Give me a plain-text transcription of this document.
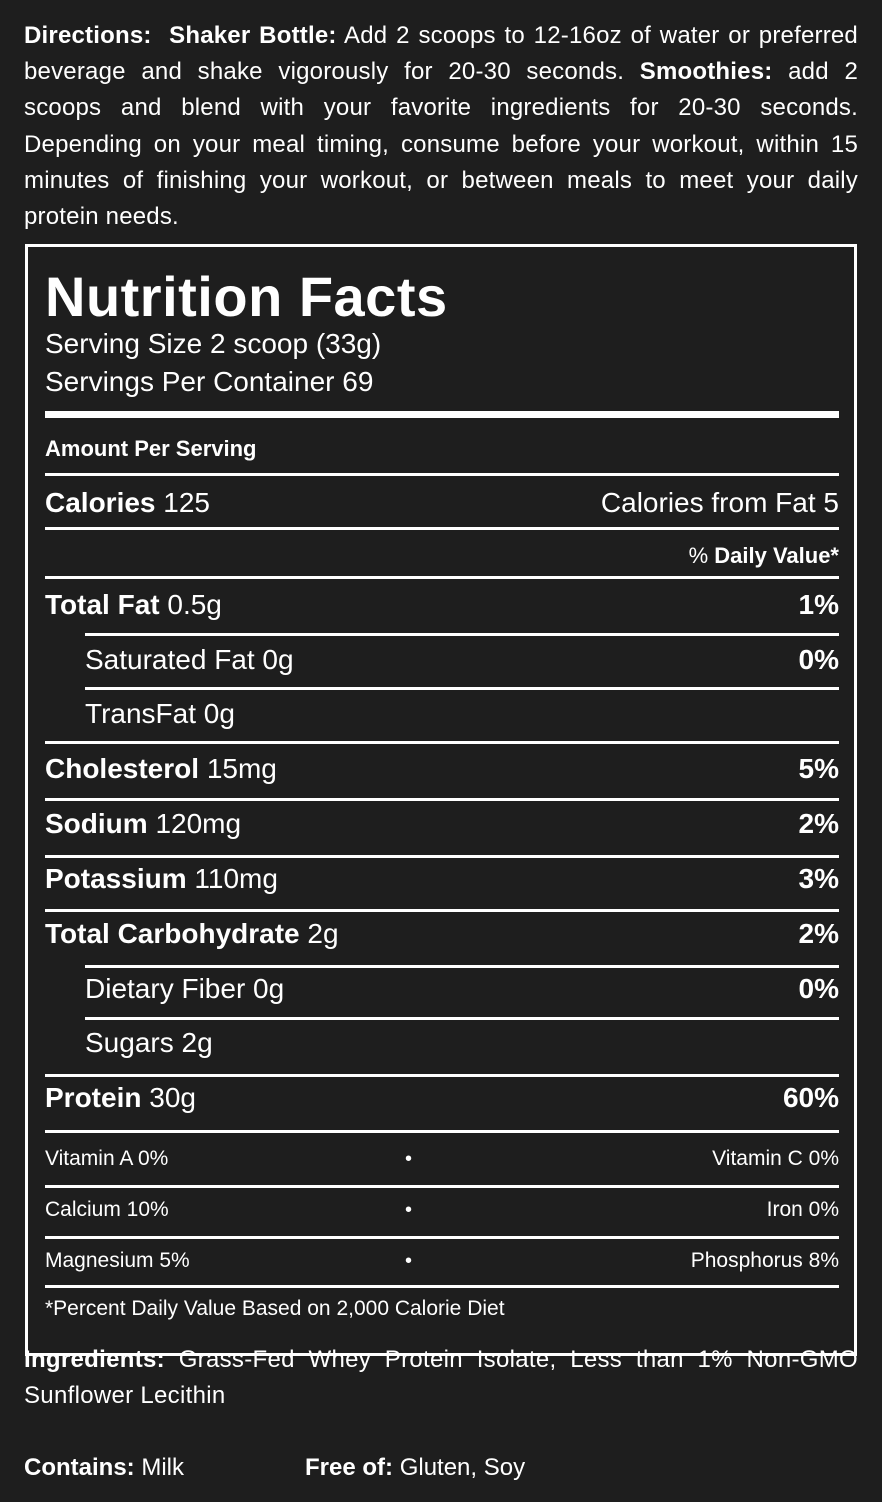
Directions: Shaker Bottle: Add 2 scoops to 12-16oz of water or preferred beverage and shake vigorously for 20-30 seconds. Smoothies: add 2 scoops and blend with your favorite ingredients for 20-30 seconds. Depending on your meal timing, consume before your workout, within 15 minutes of finishing your workout, or between meals to meet your daily protein needs.
Nutrition Facts
Serving Size 2 scoop (33g)
Servings Per Container 69
Amount Per Serving
Calories 125	Calories from Fat 5
% Daily Value*
Total Fat 0.5g	1%
Saturated Fat 0g	0%
TransFat 0g
Cholesterol 15mg	5%
Sodium 120mg	2%
Potassium 110mg	3%
Total Carbohydrate 2g	2%
Dietary Fiber 0g	0%
Sugars 2g
Protein 30g	60%
Vitamin A 0%	•	Vitamin C 0%
Calcium 10%	•	Iron 0%
Magnesium 5%	•	Phosphorus 8%
*Percent Daily Value Based on 2,000 Calorie Diet
Ingredients: Grass-Fed Whey Protein Isolate, Less than 1% Non-GMO Sunflower Lecithin
Contains: Milk	Free of: Gluten, Soy
